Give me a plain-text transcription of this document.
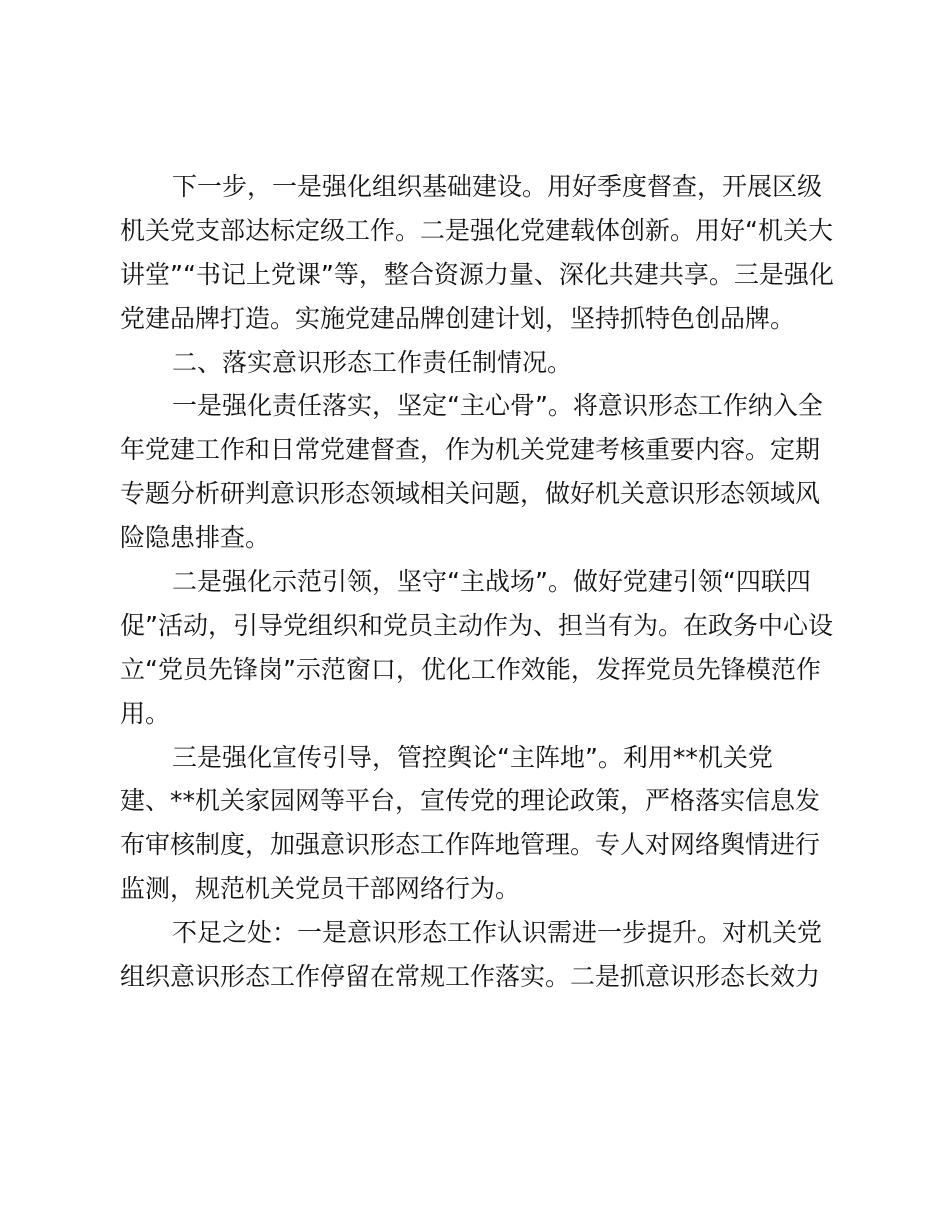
下一步，一是强化组织基础建设。用好季度督查，开展区级
机关党支部达标定级工作。二是强化党建载体创新。用好“机关大
讲堂”“书记上党课”等，整合资源力量、深化共建共享。三是强化
党建品牌打造。实施党建品牌创建计划，坚持抓特色创品牌。
二、落实意识形态工作责任制情况。
一是强化责任落实，坚定“主心骨”。将意识形态工作纳入全
年党建工作和日常党建督查，作为机关党建考核重要内容。定期
专题分析研判意识形态领域相关问题，做好机关意识形态领域风
险隐患排查。
二是强化示范引领，坚守“主战场”。做好党建引领“四联四
促”活动，引导党组织和党员主动作为、担当有为。在政务中心设
立“党员先锋岗”示范窗口，优化工作效能，发挥党员先锋模范作
用。
三是强化宣传引导，管控舆论“主阵地”。利用**机关党
建、**机关家园网等平台，宣传党的理论政策，严格落实信息发
布审核制度，加强意识形态工作阵地管理。专人对网络舆情进行
监测，规范机关党员干部网络行为。
不足之处：一是意识形态工作认识需进一步提升。对机关党
组织意识形态工作停留在常规工作落实。二是抓意识形态长效力
